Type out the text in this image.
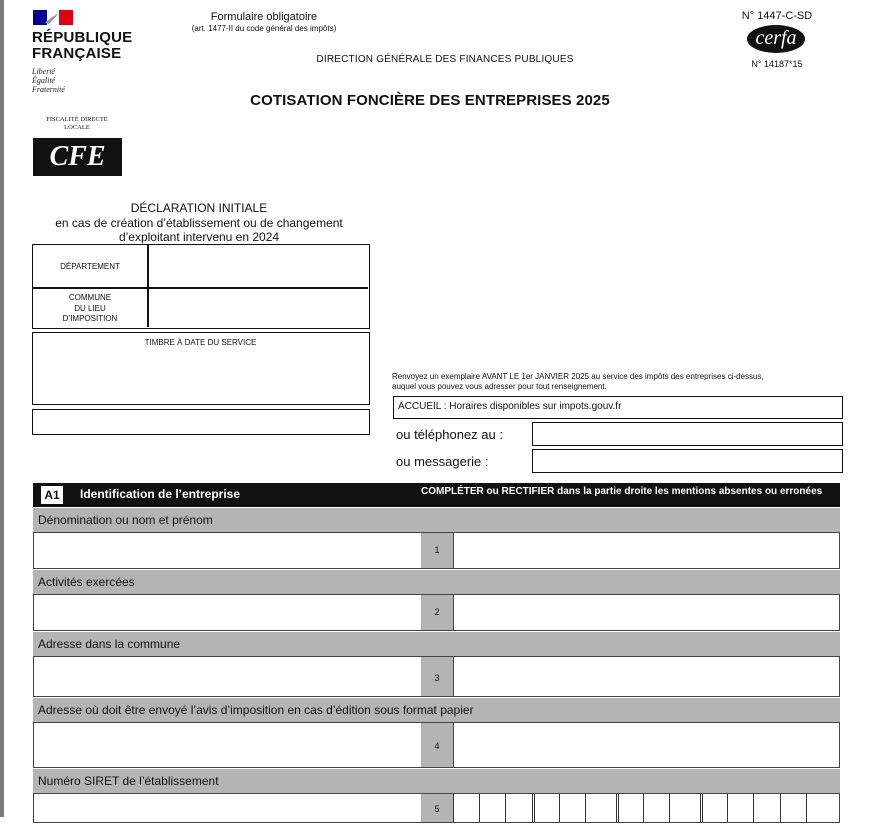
RÉPUBLIQUE
FRANÇAISE
Liberté
Égalité
Fraternité
Formulaire obligatoire
(art. 1477-II du code général des impôts)
DIRECTION GÉNÉRALE DES FINANCES PUBLIQUES
COTISATION FONCIÈRE DES ENTREPRISES 2025
N° 1447-C-SD
cerfa
N° 14187*15
FISCALITÉ DIRECTE
LOCALE
CFE
DÉCLARATION INITIALE
en cas de création d’établissement ou de changement
d’exploitant intervenu en 2024
DÉPARTEMENT
COMMUNE
DU LIEU
D’IMPOSITION
TIMBRE À DATE DU SERVICE
Renvoyez un exemplaire AVANT LE 1er JANVIER 2025 au service des impôts des entreprises ci-dessus,
auquel vous pouvez vous adresser pour tout renseignement.
ACCUEIL : Horaires disponibles sur impots.gouv.fr
ou téléphonez au :
ou messagerie :
A1 Identification de l’entreprise	COMPLÉTER ou RECTIFIER dans la partie droite les mentions absentes ou erronées
Dénomination ou nom et prénom
1
Activités exercées
2
Adresse dans la commune
3
Adresse où doit être envoyé l’avis d’imposition en cas d’édition sous format papier
4
Numéro SIRET de l’établissement
5
